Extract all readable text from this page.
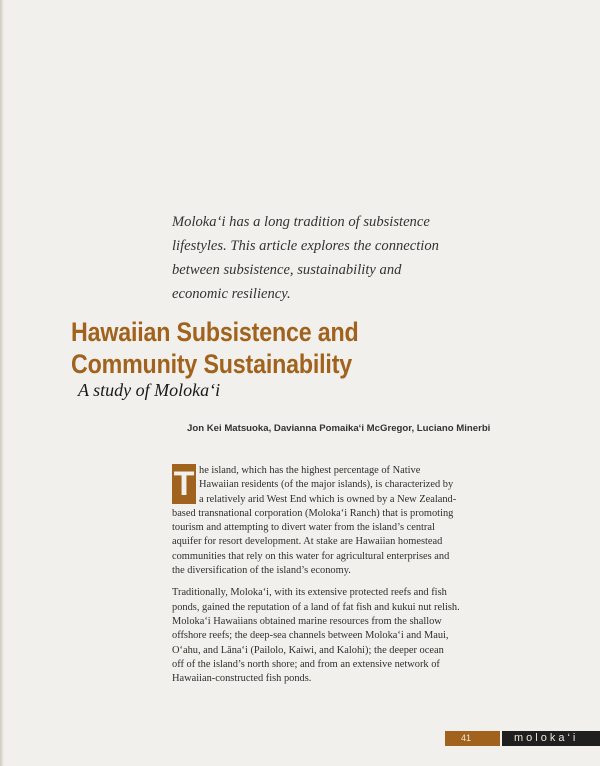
Moloka‘i has a long tradition of subsistence
lifestyles. This article explores the connection
between subsistence, sustainability and
economic resiliency.
Hawaiian Subsistence and
Community Sustainability
A study of Moloka‘i
Jon Kei Matsuoka, Davianna Pomaika‘i McGregor, Luciano Minerbi
T he island, which has the highest percentage of Native
Hawaiian residents (of the major islands), is characterized by
a relatively arid West End which is owned by a New Zealand-
based transnational corporation (Moloka‘i Ranch) that is promoting
tourism and attempting to divert water from the island’s central
aquifer for resort development. At stake are Hawaiian homestead
communities that rely on this water for agricultural enterprises and
the diversification of the island’s economy.
Traditionally, Moloka‘i, with its extensive protected reefs and fish
ponds, gained the reputation of a land of fat fish and kukui nut relish.
Moloka‘i Hawaiians obtained marine resources from the shallow
offshore reefs; the deep-sea channels between Moloka‘i and Maui,
O‘ahu, and Lāna‘i (Pailolo, Kaiwi, and Kalohi); the deeper ocean
off of the island’s north shore; and from an extensive network of
Hawaiian-constructed fish ponds.
41	moloka‘i
